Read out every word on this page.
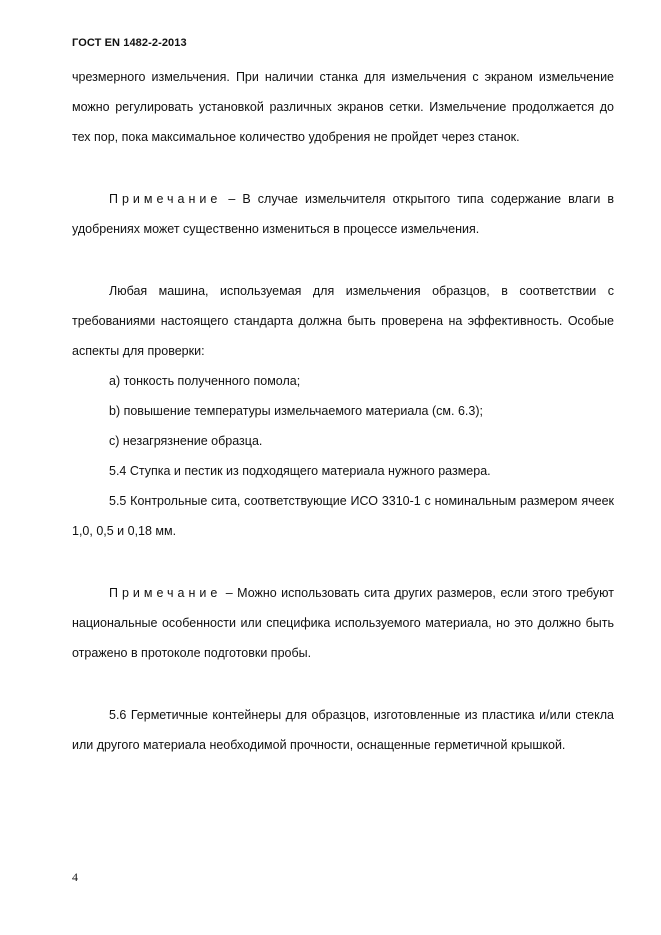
ГОСТ EN 1482-2-2013

чрезмерного измельчения. При наличии станка для измельчения с экраном измельчение можно регулировать установкой различных экранов сетки. Измельчение продолжается до тех пор, пока максимальное количество удобрения не пройдет через станок.

Примечание – В случае измельчителя открытого типа содержание влаги в удобрениях может существенно измениться в процессе измельчения.

Любая машина, используемая для измельчения образцов, в соответствии с требованиями настоящего стандарта должна быть проверена на эффективность. Особые аспекты для проверки:

а) тонкость полученного помола;

b) повышение температуры измельчаемого материала (см. 6.3);

c) незагрязнение образца.

5.4 Ступка и пестик из подходящего материала нужного размера.

5.5 Контрольные сита, соответствующие ИСО 3310-1 с номинальным размером ячеек 1,0, 0,5 и 0,18 мм.

Примечание – Можно использовать сита других размеров, если этого требуют национальные особенности или специфика используемого материала, но это должно быть отражено в протоколе подготовки пробы.

5.6 Герметичные контейнеры для образцов, изготовленные из пластика и/или стекла или другого материала необходимой прочности, оснащенные герметичной крышкой.

4
